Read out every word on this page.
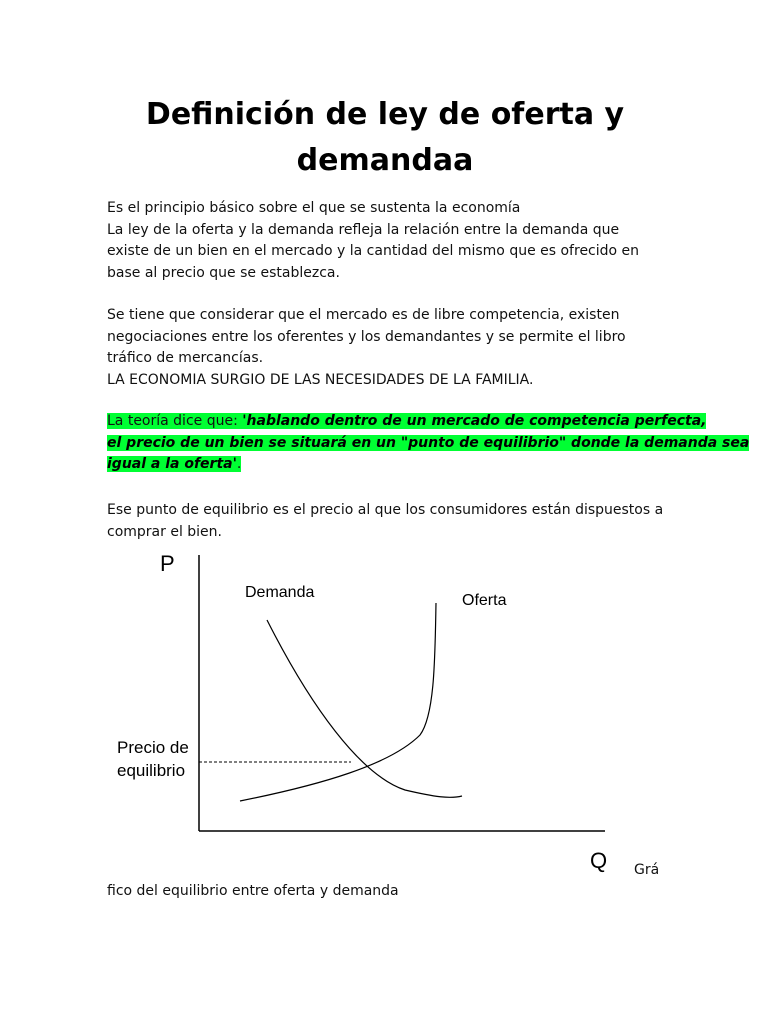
Definición de ley de oferta y
demandaa
Es el principio básico sobre el que se sustenta la economía
La ley de la oferta y la demanda refleja la relación entre la demanda que
existe de un bien en el mercado y la cantidad del mismo que es ofrecido en
base al precio que se establezca.
Se tiene que considerar que el mercado es de libre competencia, existen
negociaciones entre los oferentes y los demandantes y se permite el libro
tráfico de mercancías.
LA ECONOMIA SURGIO DE LAS NECESIDADES DE LA FAMILIA.
La teoría dice que: 'hablando dentro de un mercado de competencia perfecta,
el precio de un bien se situará en un "punto de equilibrio" donde la demanda sea
igual a la oferta'.
Ese punto de equilibrio es el precio al que los consumidores están dispuestos a
comprar el bien.
P
Q
Demanda	Oferta
Precio de
equilibrio
Grá
fico del equilibrio entre oferta y demanda
